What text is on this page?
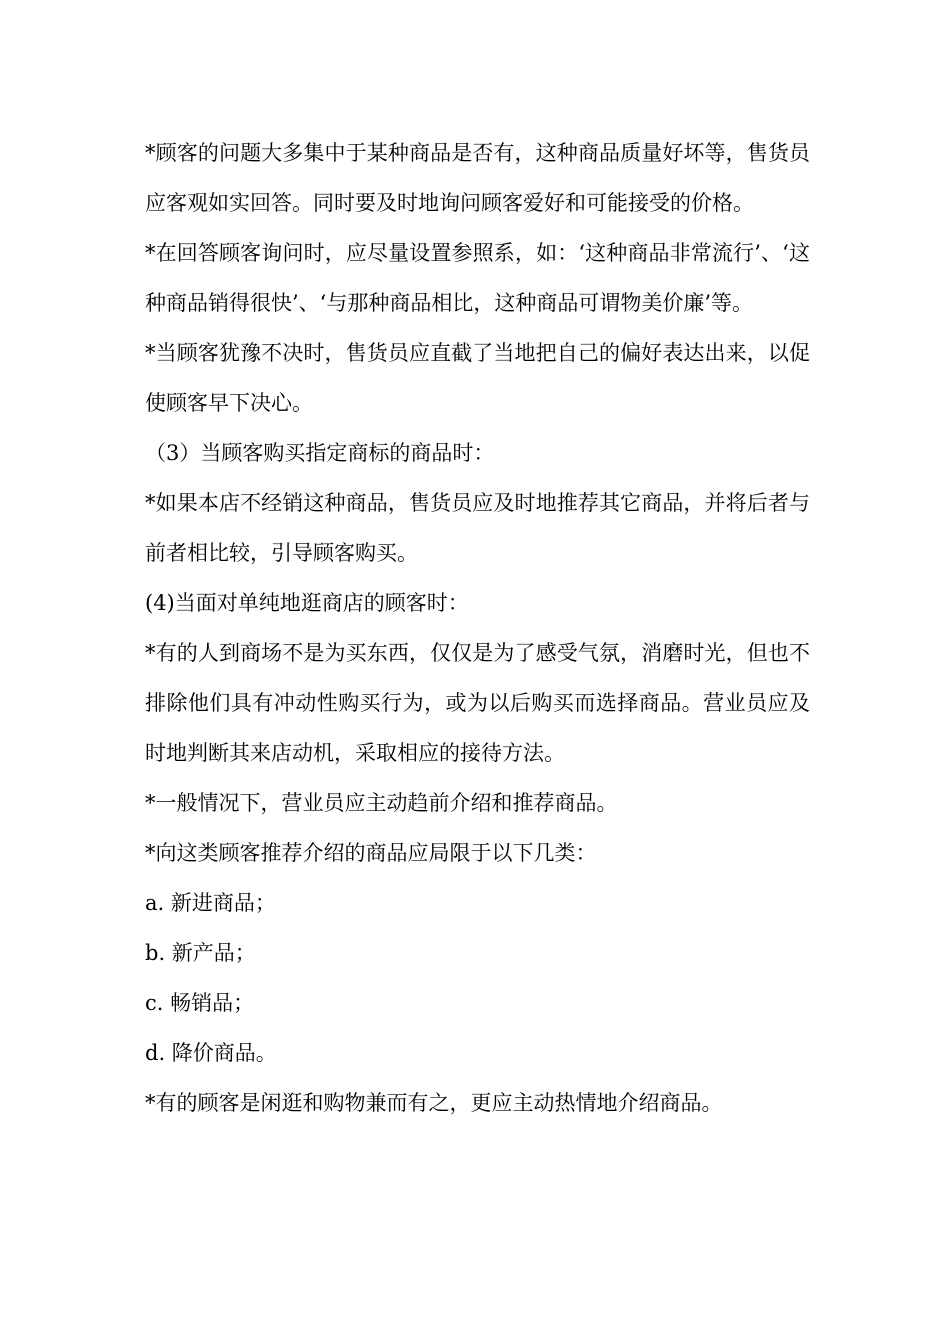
*顾客的问题大多集中于某种商品是否有，这种商品质量好坏等，售货员应客观如实回答。同时要及时地询问顾客爱好和可能接受的价格。

*在回答顾客询问时，应尽量设置参照系，如：‘这种商品非常流行’、‘这种商品销得很快’、‘与那种商品相比，这种商品可谓物美价廉’等。

*当顾客犹豫不决时，售货员应直截了当地把自己的偏好表达出来，以促使顾客早下决心。

（3）当顾客购买指定商标的商品时：

*如果本店不经销这种商品，售货员应及时地推荐其它商品，并将后者与前者相比较，引导顾客购买。

(4)当面对单纯地逛商店的顾客时：

*有的人到商场不是为买东西，仅仅是为了感受气氛，消磨时光，但也不排除他们具有冲动性购买行为，或为以后购买而选择商品。营业员应及时地判断其来店动机，采取相应的接待方法。

*一般情况下，营业员应主动趋前介绍和推荐商品。

*向这类顾客推荐介绍的商品应局限于以下几类：

a. 新进商品；

b. 新产品；

c. 畅销品；

d. 降价商品。

*有的顾客是闲逛和购物兼而有之，更应主动热情地介绍商品。
